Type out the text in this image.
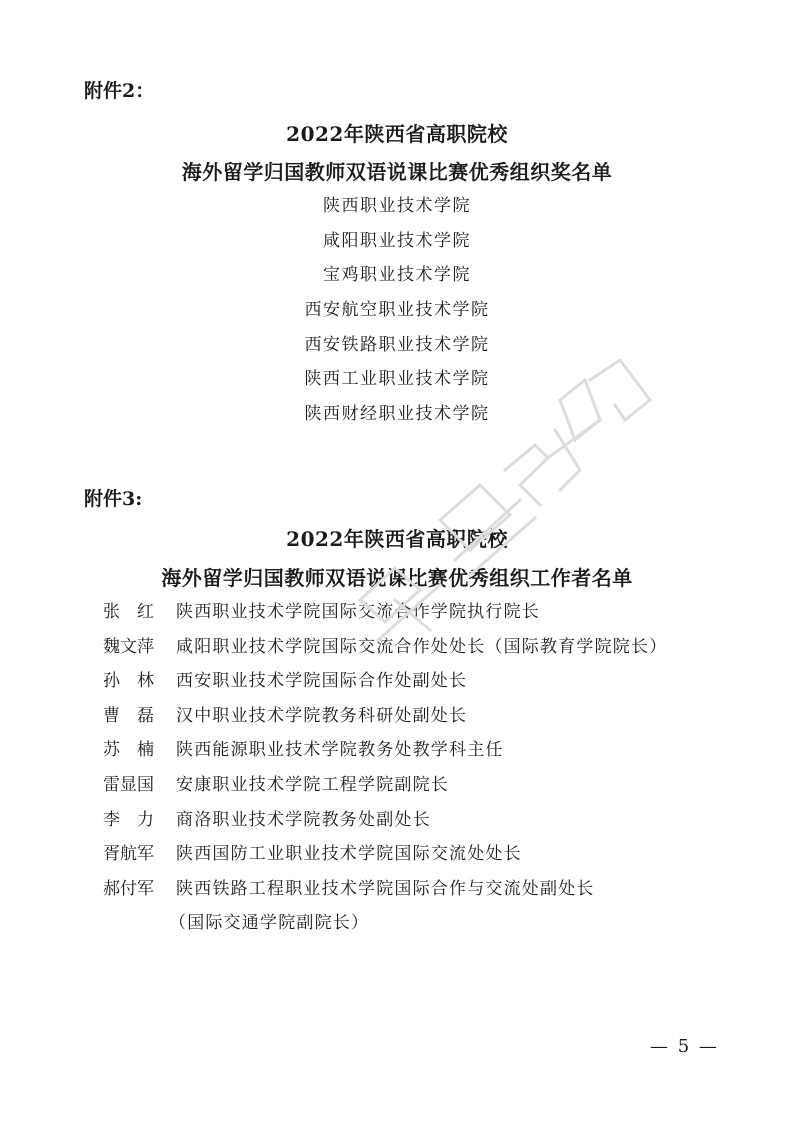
附件2：
2022年陕西省高职院校
海外留学归国教师双语说课比赛优秀组织奖名单
陕西职业技术学院
咸阳职业技术学院
宝鸡职业技术学院
西安航空职业技术学院
西安铁路职业技术学院
陕西工业职业技术学院
陕西财经职业技术学院
附件3:
2022年陕西省高职院校
海外留学归国教师双语说课比赛优秀组织工作者名单
张红 陕西职业技术学院国际交流合作学院执行院长
魏文萍	咸阳职业技术学院国际交流合作处处长（国际教育学院院长）
孙林 西安职业技术学院国际合作处副处长
曹磊 汉中职业技术学院教务科研处副处长
苏楠 陕西能源职业技术学院教务处教学科主任
雷显国	安康职业技术学院工程学院副院长
李力 商洛职业技术学院教务处副处长
胥航军	陕西国防工业职业技术学院国际交流处处长
郝付军	陕西铁路工程职业技术学院国际合作与交流处副处长
（国际交通学院副院长）
— 5 —
